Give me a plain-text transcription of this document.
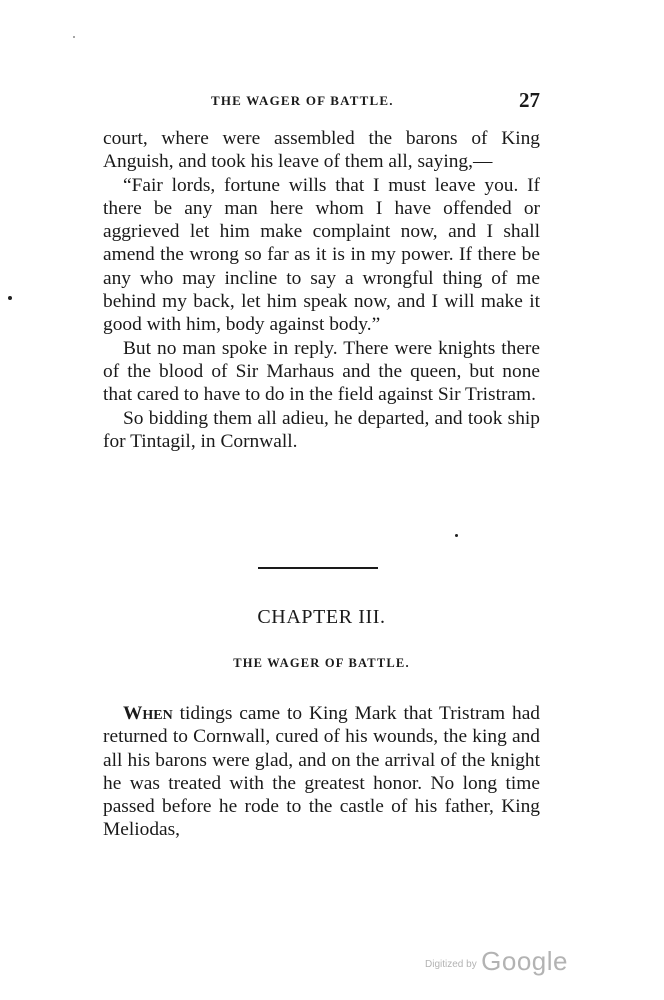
THE WAGER OF BATTLE.	27

court, where were assembled the barons of King Anguish, and took his leave of them all, saying,—

“Fair lords, fortune wills that I must leave you. If there be any man here whom I have offended or aggrieved let him make complaint now, and I shall amend the wrong so far as it is in my power. If there be any who may incline to say a wrongful thing of me behind my back, let him speak now, and I will make it good with him, body against body.”

But no man spoke in reply. There were knights there of the blood of Sir Marhaus and the queen, but none that cared to have to do in the field against Sir Tristram.

So bidding them all adieu, he departed, and took ship for Tintagil, in Cornwall.

CHAPTER III.
THE WAGER OF BATTLE.

When tidings came to King Mark that Tristram had returned to Cornwall, cured of his wounds, the king and all his barons were glad, and on the arrival of the knight he was treated with the greatest honor. No long time passed before he rode to the castle of his father, King Meliodas,

Digitized by Google
